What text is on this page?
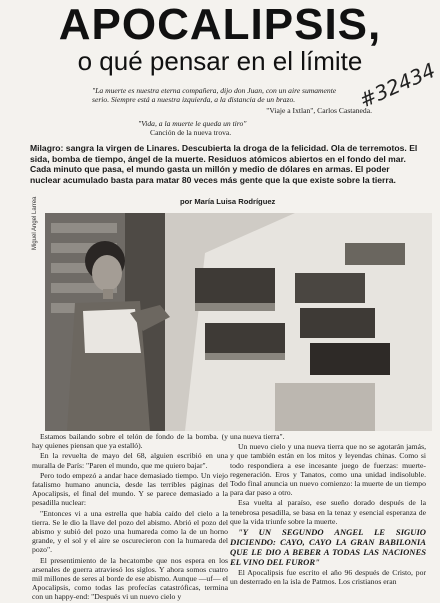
APOCALIPSIS,
o qué pensar en el límite
#32434
"La muerte es nuestra eterna compañera, dijo don Juan, con un aire sumamente serio. Siempre está a nuestra izquierda, a la distancia de un brazo.
"Viaje a Ixtlan", Carlos Castaneda.
"Vida, a la muerte le queda un tiro"
Canción de la nueva trova.
Milagro: sangra la virgen de Linares. Descubierta la droga de la felicidad. Ola de terremotos. El sida, bomba de tiempo, ángel de la muerte. Residuos atómicos abiertos en el fondo del mar. Cada minuto que pasa, el mundo gasta un millón y medio de dólares en armas. El poder nuclear acumulado basta para matar 80 veces más gente que la que existe sobre la tierra.
por María Luisa Rodríguez
Miguel Angel Larrea

Estamos bailando sobre el telón de fondo de la bomba. (y hay quienes piensan que ya estalló).

En la revuelta de mayo del 68, alguien escribió en una muralla de París: "Paren el mundo, que me quiero bajar".

Pero todo empezó a andar hace demasiado tiempo. Un viejo fatalismo humano anuncia, desde las terribles páginas del Apocalipsis, el final del mundo. Y se parece demasiado a la pesadilla nuclear:

"Entonces vi a una estrella que había caído del cielo a la tierra. Se le dio la llave del pozo del abismo. Abrió el pozo del abismo y subió del pozo una humareda como la de un horno grande, y el sol y el aire se oscurecieron con la humareda del pozo".

El presentimiento de la hecatombe que nos espera en los arsenales de guerra atraviesó los siglos. Y ahora somos cuatro mil millones de seres al borde de ese abismo. Aunque —uf— el Apocalipsis, como todas las profecías catastróficas, termina con un happy-end: "Después vi un nuevo cielo y

una nueva tierra".

Un nuevo cielo y una nueva tierra que no se agotarán jamás, y que también están en los mitos y leyendas chinas. Como si todo respondiera a ese incesante juego de fuerzas: muerte-regeneración. Eros y Tanatos, como una unidad indisoluble. Todo final anuncia un nuevo comienzo: la muerte de un tiempo para dar paso a otro.

Esa vuelta al paraíso, ese sueño dorado después de la tenebrosa pesadilla, se basa en la tenaz y esencial esperanza de que la vida triunfe sobre la muerte.

"Y UN SEGUNDO ANGEL LE SIGUIO DICIENDO: CAYO, CAYO LA GRAN BABILONIA QUE LE DIO A BEBER A TODAS LAS NACIONES EL VINO DEL FUROR"

El Apocalipsis fue escrito el año 96 después de Cristo, por un desterrado en la isla de Patmos. Los cristianos eran
